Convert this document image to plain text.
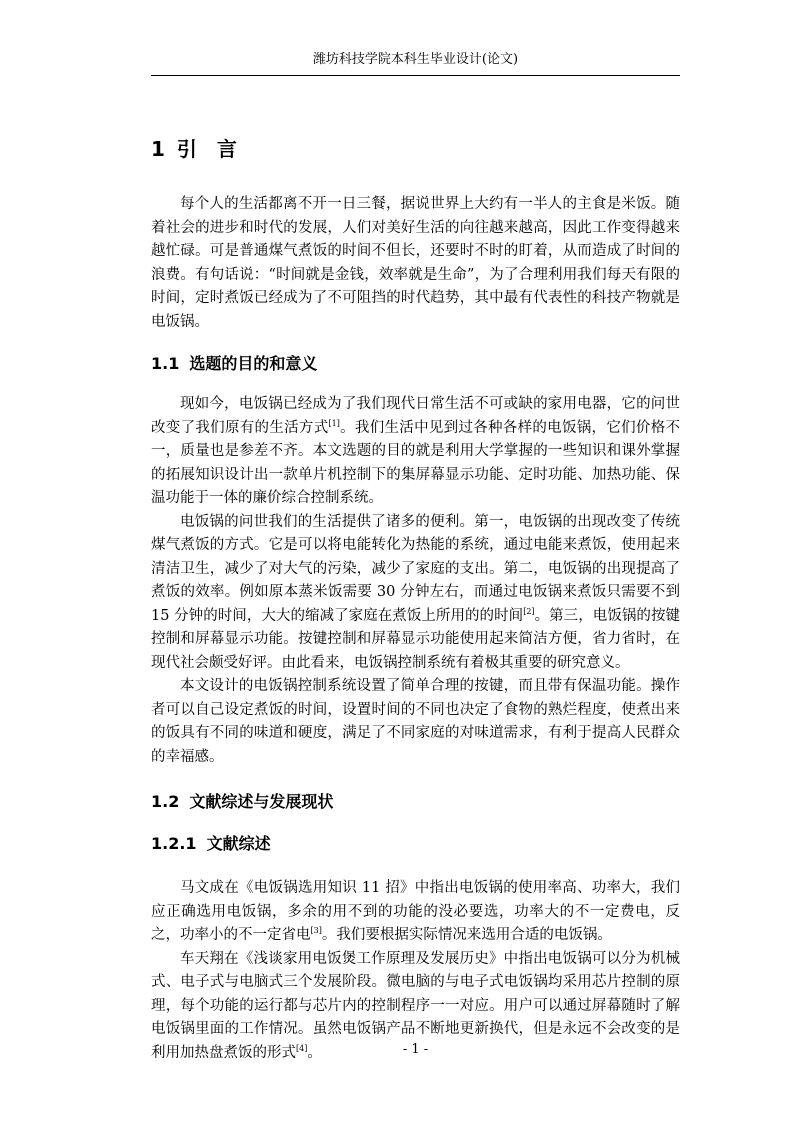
潍坊科技学院本科生毕业设计(论文)
1 引言

每个人的生活都离不开一日三餐，据说世界上大约有一半人的主食是米饭。随着社会的进步和时代的发展，人们对美好生活的向往越来越高，因此工作变得越来越忙碌。可是普通煤气煮饭的时间不但长，还要时不时的盯着，从而造成了时间的浪费。有句话说：“时间就是金钱，效率就是生命”，为了合理利用我们每天有限的时间，定时煮饭已经成为了不可阻挡的时代趋势，其中最有代表性的科技产物就是电饭锅。

1.1 选题的目的和意义

现如今，电饭锅已经成为了我们现代日常生活不可或缺的家用电器，它的问世改变了我们原有的生活方式[1]。我们生活中见到过各种各样的电饭锅，它们价格不一，质量也是参差不齐。本文选题的目的就是利用大学掌握的一些知识和课外掌握的拓展知识设计出一款单片机控制下的集屏幕显示功能、定时功能、加热功能、保温功能于一体的廉价综合控制系统。

电饭锅的问世我们的生活提供了诸多的便利。第一，电饭锅的出现改变了传统煤气煮饭的方式。它是可以将电能转化为热能的系统，通过电能来煮饭，使用起来清洁卫生，减少了对大气的污染，减少了家庭的支出。第二，电饭锅的出现提高了煮饭的效率。例如原本蒸米饭需要 30 分钟左右，而通过电饭锅来煮饭只需要不到 15 分钟的时间，大大的缩减了家庭在煮饭上所用的的时间[2]。第三，电饭锅的按键控制和屏幕显示功能。按键控制和屏幕显示功能使用起来简洁方便，省力省时，在现代社会颇受好评。由此看来，电饭锅控制系统有着极其重要的研究意义。

本文设计的电饭锅控制系统设置了简单合理的按键，而且带有保温功能。操作者可以自己设定煮饭的时间，设置时间的不同也决定了食物的熟烂程度，使煮出来的饭具有不同的味道和硬度，满足了不同家庭的对味道需求，有利于提高人民群众的幸福感。

1.2 文献综述与发展现状
1.2.1 文献综述

马文成在《电饭锅选用知识 11 招》中指出电饭锅的使用率高、功率大，我们应正确选用电饭锅，多余的用不到的功能的没必要选，功率大的不一定费电，反之，功率小的不一定省电[3]。我们要根据实际情况来选用合适的电饭锅。

车天翔在《浅谈家用电饭煲工作原理及发展历史》中指出电饭锅可以分为机械式、电子式与电脑式三个发展阶段。微电脑的与电子式电饭锅均采用芯片控制的原理，每个功能的运行都与芯片内的控制程序一一对应。用户可以通过屏幕随时了解电饭锅里面的工作情况。虽然电饭锅产品不断地更新换代，但是永远不会改变的是利用加热盘煮饭的形式[4]。	- 1 -
